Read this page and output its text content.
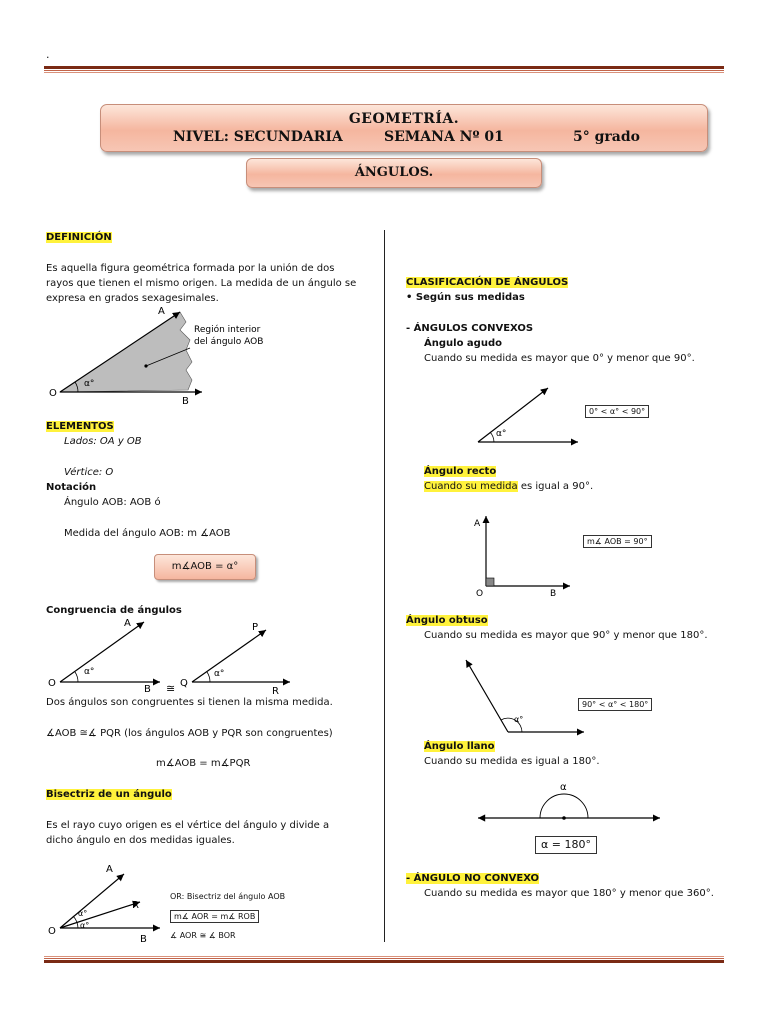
.
GEOMETRÍA.
NIVEL: SECUNDARIA	SEMANA Nº 01	5° grado
ÁNGULOS.
DEFINICIÓN
Es aquella figura geométrica formada por la unión de dos
rayos que tienen el mismo origen. La medida de un ángulo se
expresa en grados sexagesimales.
A
O
B
α°
Región interior
del ángulo AOB
ELEMENTOS
Lados: OA y OB
Vértice: O
Notación
Ángulo AOB: AOB ó
Medida del ángulo AOB: m ∡AOB
m∡AOB = α°
Congruencia de ángulos
A
O
B
α°
≅
P
Q
R
α°
Dos ángulos son congruentes si tienen la misma medida.
∡AOB ≅∡ PQR (los ángulos AOB y PQR son congruentes)
m∡AOB = m∡PQR
Bisectriz de un ángulo
Es el rayo cuyo origen es el vértice del ángulo y divide a
dicho ángulo en dos medidas iguales.
A
R
O
B
α°
α°
OR: Bisectriz del ángulo AOB
m∡ AOR = m∡ ROB
∡ AOR ≅ ∡ BOR
CLASIFICACIÓN DE ÁNGULOS
• Según sus medidas
- ÁNGULOS CONVEXOS
Ángulo agudo
Cuando su medida es mayor que 0° y menor que 90°.
α°
0° < α° < 90°
Ángulo recto
Cuando su medida es igual a 90°.
A
O	B
m∡ AOB = 90°
Ángulo obtuso
Cuando su medida es mayor que 90° y menor que 180°.
α°
90° < α° < 180°
Ángulo llano
Cuando su medida es igual a 180°.
α
α = 180°
- ÁNGULO NO CONVEXO
Cuando su medida es mayor que 180° y menor que 360°.
